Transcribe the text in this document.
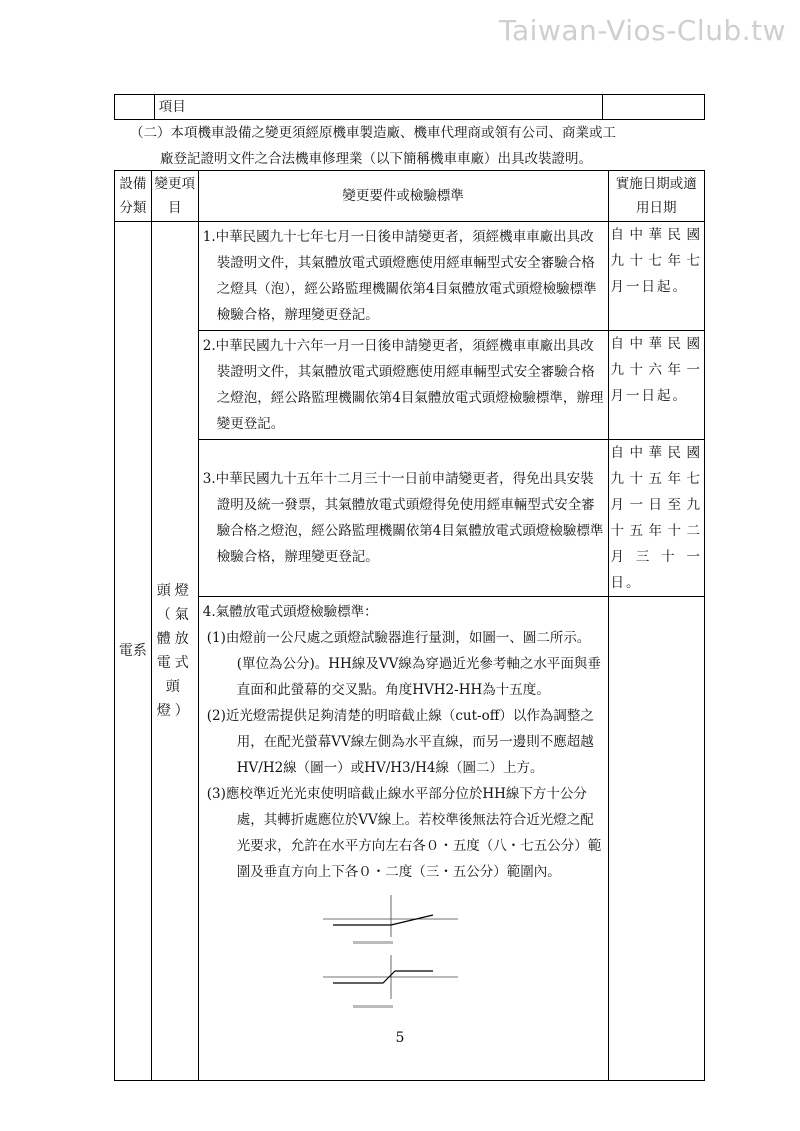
Taiwan-Vios-Club.tw
	項目	

（二）本項機車設備之變更須經原機車製造廠、機車代理商或領有公司、商業或工

廠登記證明文件之合法機車修理業（以下簡稱機車車廠）出具改裝證明。

設備分類	變更項目	變更要件或檢驗標準	實施日期或適用日期
電系	頭燈（氣體放電式頭燈）	1.中華民國九十七年七月一日後申請變更者，須經機車車廠出具改裝證明文件，其氣體放電式頭燈應使用經車輛型式安全審驗合格之燈具（泡），經公路監理機關依第4目氣體放電式頭燈檢驗標準檢驗合格，辦理變更登記。	自中華民國九十七年七月一日起。

		2.中華民國九十六年一月一日後申請變更者，須經機車車廠出具改裝證明文件，其氣體放電式頭燈應使用經車輛型式安全審驗合格之燈泡，經公路監理機關依第4目氣體放電式頭燈檢驗標準，辦理變更登記。	自中華民國九十六年一月一日起。

		3.中華民國九十五年十二月三十一日前申請變更者，得免出具安裝證明及統一發票，其氣體放電式頭燈得免使用經車輛型式安全審驗合格之燈泡，經公路監理機關依第4目氣體放電式頭燈檢驗標準檢驗合格，辦理變更登記。	自中華民國九十五年七月一日至九十五年十二月三十一日。

		4.氣體放電式頭燈檢驗標準：
(1)由燈前一公尺處之頭燈試驗器進行量測，如圖一、圖二所示。(單位為公分)。HH線及VV線為穿過近光參考軸之水平面與垂直面和此螢幕的交叉點。角度HVH2-HH為十五度。
(2)近光燈需提供足夠清楚的明暗截止線（cut-off）以作為調整之用，在配光螢幕VV線左側為水平直線，而另一邊則不應超越HV/H2線（圖一）或HV/H3/H4線（圖二）上方。
(3)應校準近光光束使明暗截止線水平部分位於HH線下方十公分處，其轉折處應位於VV線上。若校準後無法符合近光燈之配光要求，允許在水平方向左右各０・五度（八・七五公分）範圍及垂直方向上下各０・二度（三・五公分）範圍內。	

5
